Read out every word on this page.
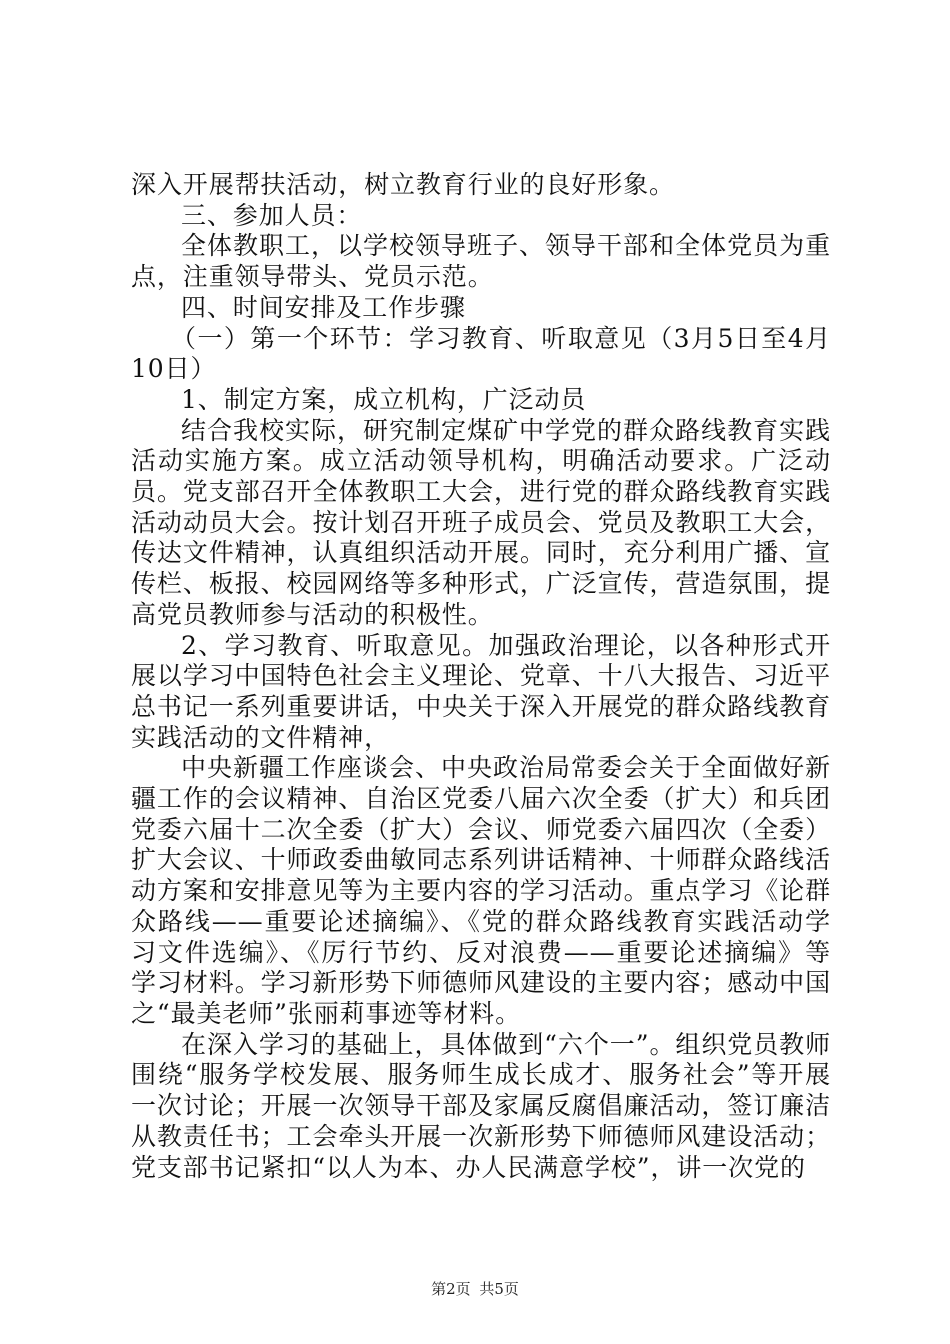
深入开展帮扶活动，树立教育行业的良好形象。

三、参加人员：

全体教职工，以学校领导班子、领导干部和全体党员为重点，注重领导带头、党员示范。

四、时间安排及工作步骤

（一）第一个环节：学习教育、听取意见（3月5日至4月10日）

1、制定方案，成立机构，广泛动员

结合我校实际，研究制定煤矿中学党的群众路线教育实践活动实施方案。成立活动领导机构，明确活动要求。广泛动员。党支部召开全体教职工大会，进行党的群众路线教育实践活动动员大会。按计划召开班子成员会、党员及教职工大会，传达文件精神，认真组织活动开展。同时，充分利用广播、宣传栏、板报、校园网络等多种形式，广泛宣传，营造氛围，提高党员教师参与活动的积极性。

2、学习教育、听取意见。加强政治理论，以各种形式开展以学习中国特色社会主义理论、党章、十八大报告、习近平总书记一系列重要讲话，中央关于深入开展党的群众路线教育实践活动的文件精神，

中央新疆工作座谈会、中央政治局常委会关于全面做好新疆工作的会议精神、自治区党委八届六次全委（扩大）和兵团党委六届十二次全委（扩大）会议、师党委六届四次（全委）扩大会议、十师政委曲敏同志系列讲话精神、十师群众路线活动方案和安排意见等为主要内容的学习活动。重点学习《论群众路线——重要论述摘编》、《党的群众路线教育实践活动学习文件选编》、《厉行节约、反对浪费——重要论述摘编》等学习材料。学习新形势下师德师风建设的主要内容；感动中国之“最美老师”张丽莉事迹等材料。

在深入学习的基础上，具体做到“六个一”。组织党员教师围绕“服务学校发展、服务师生成长成才、服务社会”等开展一次讨论；开展一次领导干部及家属反腐倡廉活动，签订廉洁从教责任书；工会牵头开展一次新形势下师德师风建设活动；党支部书记紧扣“以人为本、办人民满意学校”，讲一次党的

第2页 共5页
